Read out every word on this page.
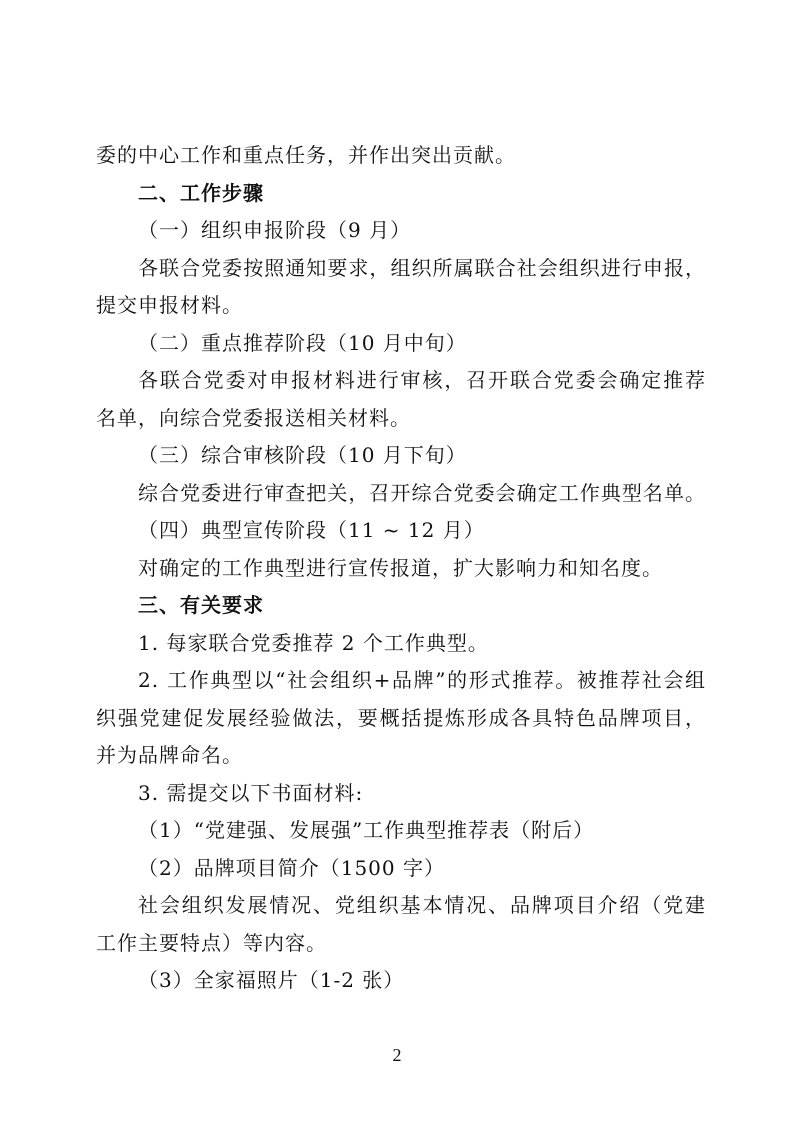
委的中心工作和重点任务，并作出突出贡献。
二、工作步骤
（一）组织申报阶段（9 月）
各联合党委按照通知要求，组织所属联合社会组织进行申报，
提交申报材料。
（二）重点推荐阶段（10 月中旬）
各联合党委对申报材料进行审核，召开联合党委会确定推荐
名单，向综合党委报送相关材料。
（三）综合审核阶段（10 月下旬）
综合党委进行审查把关，召开综合党委会确定工作典型名单。
（四）典型宣传阶段（11 ~ 12 月）
对确定的工作典型进行宣传报道，扩大影响力和知名度。
三、有关要求
1. 每家联合党委推荐 2 个工作典型。
2. 工作典型以“社会组织+品牌”的形式推荐。被推荐社会组
织强党建促发展经验做法，要概括提炼形成各具特色品牌项目，
并为品牌命名。
3. 需提交以下书面材料:
（1）“党建强、发展强”工作典型推荐表（附后）
（2）品牌项目简介（1500 字）
社会组织发展情况、党组织基本情况、品牌项目介绍（党建
工作主要特点）等内容。
（3）全家福照片（1-2 张）
2
